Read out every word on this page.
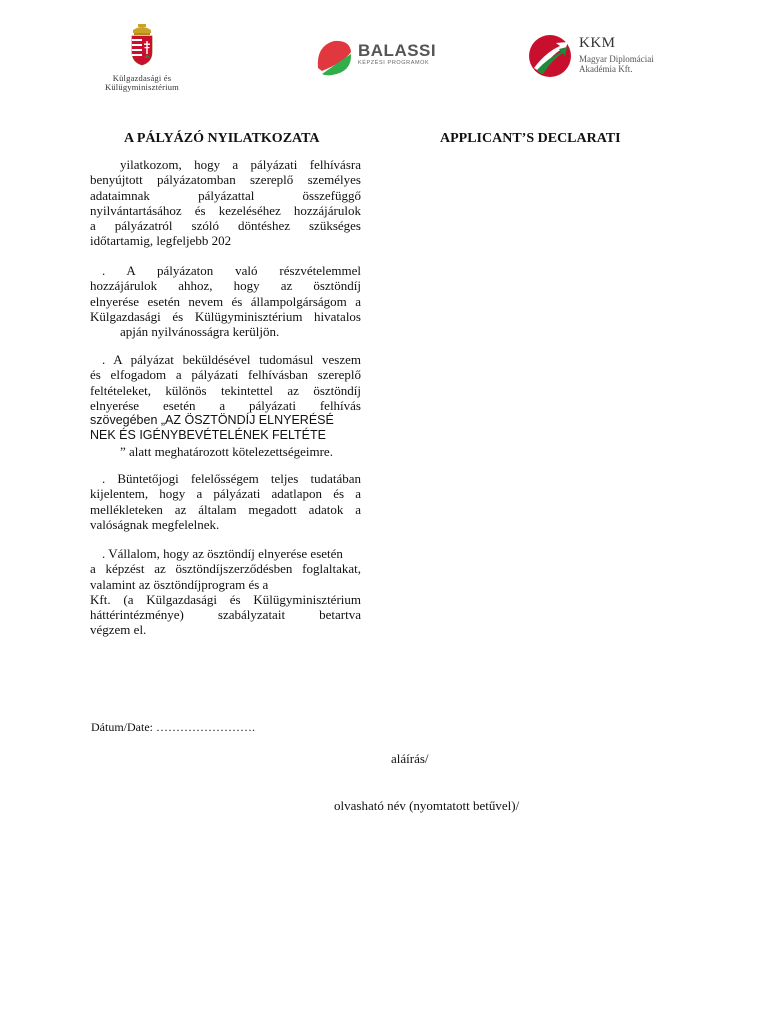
Külgazdasági és
Külügyminisztérium
BALASSI
KÉPZÉSI PROGRAMOK
KKM
Magyar Diplomáciai
Akadémia Kft.
A PÁLYÁZÓ NYILATKOZATA	APPLICANT’S DECLARATI
yilatkozom, hogy a pályázati felhívásra
benyújtott pályázatomban szereplő személyes
adataimnak pályázattal összefüggő
nyilvántartásához és kezeléséhez hozzájárulok
a pályázatról szóló döntéshez szükséges
időtartamig, legfeljebb 202
. A pályázaton való részvételemmel
hozzájárulok ahhoz, hogy az ösztöndíj
elnyerése esetén nevem és állampolgárságom a
Külgazdasági és Külügyminisztérium hivatalos
apján nyilvánosságra kerüljön.
. A pályázat beküldésével tudomásul veszem
és elfogadom a pályázati felhívásban szereplő
feltételeket, különös tekintettel az ösztöndíj
elnyerése esetén a pályázati felhívás
szövegében „AZ ÖSZTÖNDÍJ ELNYERÉSÉ
NEK ÉS IGÉNYBEVÉTELÉNEK FELTÉTE
” alatt meghatározott kötelezettségeimre.
. Büntetőjogi felelősségem teljes tudatában
kijelentem, hogy a pályázati adatlapon és a
mellékleteken az általam megadott adatok a
valóságnak megfelelnek.
. Vállalom, hogy az ösztöndíj elnyerése esetén
a képzést az ösztöndíjszerződésben foglaltakat,
valamint az ösztöndíjprogram és a
Kft. (a Külgazdasági és Külügyminisztérium
háttérintézménye) szabályzatait betartva
végzem el.
Dátum/Date: …………………….
aláírás/
olvasható név (nyomtatott betűvel)/
